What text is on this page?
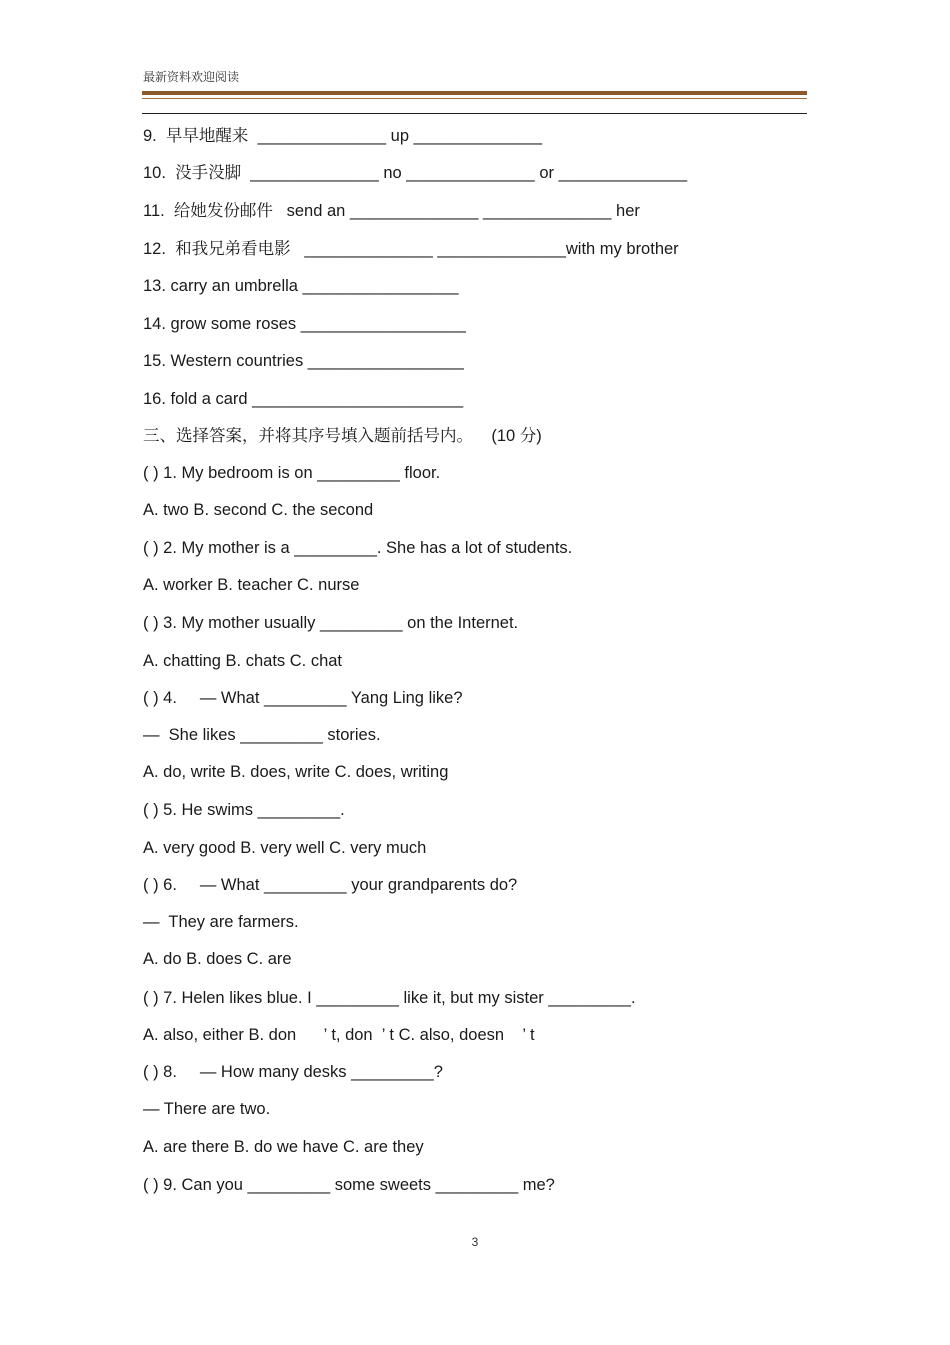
最新资料欢迎阅读
9.  早早地醒来  ______________ up ______________
10.  没手没脚  ______________ no ______________ or ______________
11.  给她发份邮件   send an ______________ ______________ her
12.  和我兄弟看电影   ______________ ______________with my brother
13. carry an umbrella _________________
14. grow some roses __________________
15. Western countries _________________
16. fold a card _______________________
三、选择答案，并将其序号填入题前括号内。    (10 分)
( ) 1. My bedroom is on _________ floor.
A. two B. second C. the second
( ) 2. My mother is a _________. She has a lot of students.
A. worker B. teacher C. nurse
( ) 3. My mother usually _________ on the Internet.
A. chatting B. chats C. chat
( ) 4.     — What _________ Yang Ling like?
—  She likes _________ stories.
A. do, write B. does, write C. does, writing
( ) 5. He swims _________.
A. very good B. very well C. very much
( ) 6.     — What _________ your grandparents do?
—  They are farmers.
A. do B. does C. are
( ) 7. Helen likes blue. I _________ like it, but my sister _________.
A. also, either B. don      ’ t, don  ’ t C. also, doesn    ’ t
( ) 8.     — How many desks _________?
— There are two.
A. are there B. do we have C. are they
( ) 9. Can you _________ some sweets _________ me?
3
